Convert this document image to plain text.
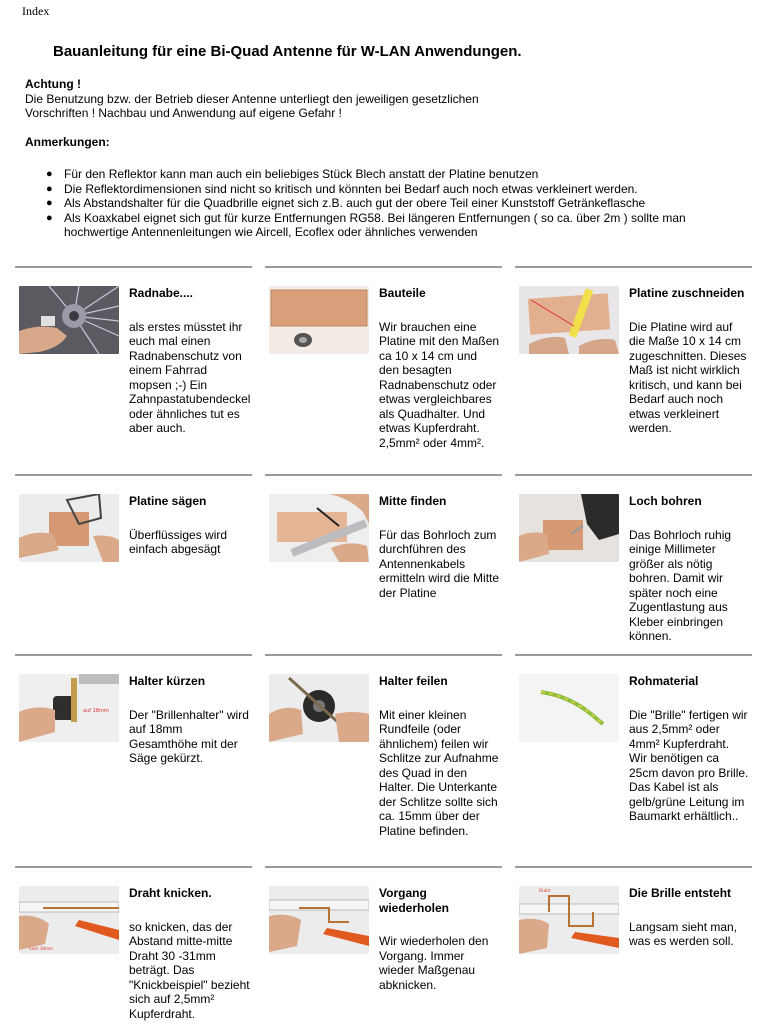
Index
Bauanleitung für eine Bi-Quad Antenne für W-LAN Anwendungen.
Achtung !
Die Benutzung bzw. der Betrieb dieser Antenne unterliegt den jeweiligen gesetzlichen
Vorschriften ! Nachbau und Anwendung auf eigene Gefahr !
Anmerkungen:
● Für den Reflektor kann man auch ein beliebiges Stück Blech anstatt der Platine benutzen
● Die Reflektordimensionen sind nicht so kritisch und könnten bei Bedarf auch noch etwas verkleinert werden.
● Als Abstandshalter für die Quadbrille eignet sich z.B. auch gut der obere Teil einer Kunststoff Getränkeflasche
● Als Koaxkabel eignet sich gut für kurze Entfernungen RG58. Bei längeren Entfernungen ( so ca. über 2m ) sollte man hochwertige Antennenleitungen wie Aircell, Ecoflex oder ähnliches verwenden
Radnabe....
als erstes müsstet ihr euch mal einen Radnabenschutz von einem Fahrrad mopsen ;-) Ein Zahnpastatubendeckel oder ähnliches tut es aber auch.
Bauteile
Wir brauchen eine Platine mit den Maßen ca 10 x 14 cm und den besagten Radnabenschutz oder etwas vergleichbares als Quadhalter. Und etwas Kupferdraht. 2,5mm² oder 4mm².
Platine zuschneiden
Die Platine wird auf die Maße 10 x 14 cm zugeschnitten. Dieses Maß ist nicht wirklich kritisch, und kann bei Bedarf auch noch etwas verkleinert werden.
Platine sägen
Überflüssiges wird einfach abgesägt
Mitte finden
Für das Bohrloch zum durchführen des Antennenkabels ermitteln wird die Mitte der Platine
Loch bohren
Das Bohrloch ruhig einige Millimeter größer als nötig bohren. Damit wir später noch eine Zugentlastung aus Kleber einbringen können.
auf 18mm
Halter kürzen
Der "Brillenhalter" wird auf 18mm Gesamthöhe mit der Säge gekürzt.
Halter feilen
Mit einer kleinen Rundfeile (oder ähnlichem) feilen wir Schlitze zur Aufnahme des Quad in den Halter. Die Unterkante der Schlitze sollte sich ca. 15mm über der Platine befinden.
Rohmaterial
Die "Brille" fertigen wir aus 2,5mm² oder 4mm² Kupferdraht. Wir benötigen ca 25cm davon pro Brille. Das Kabel ist als gelb/grüne Leitung im Baumarkt erhältlich..
nach 30mm
Draht knicken.
so knicken, das der Abstand mitte-mitte Draht 30 -31mm beträgt. Das "Knickbeispiel" bezieht sich auf 2,5mm² Kupferdraht.
Vorgang wiederholen
Wir wiederholen den Vorgang. Immer wieder Maßgenau abknicken.
Draht	Die Brille entsteht
Langsam sieht man, was es werden soll.
